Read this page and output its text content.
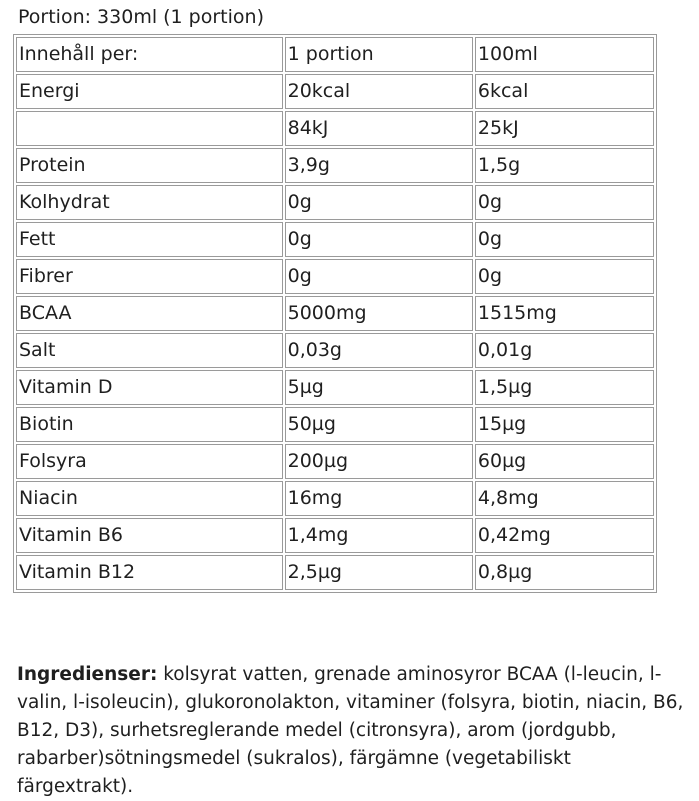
Portion: 330ml (1 portion)
Innehåll per:	1 portion	100ml
Energi	20kcal	6kcal
	84kJ	25kJ
Protein	3,9g	1,5g
Kolhydrat	0g	0g
Fett	0g	0g
Fibrer	0g	0g
BCAA	5000mg	1515mg
Salt	0,03g	0,01g
Vitamin D	5µg	1,5µg
Biotin	50µg	15µg
Folsyra	200µg	60µg
Niacin	16mg	4,8mg
Vitamin B6	1,4mg	0,42mg
Vitamin B12	2,5µg	0,8µg

Ingredienser: kolsyrat vatten, grenade aminosyror BCAA (l-leucin, l-valin, l-isoleucin), glukoronolakton, vitaminer (folsyra, biotin, niacin, B6, B12, D3), surhetsreglerande medel (citronsyra), arom (jordgubb, rabarber)sötningsmedel (sukralos), färgämne (vegetabiliskt färgextrakt).
